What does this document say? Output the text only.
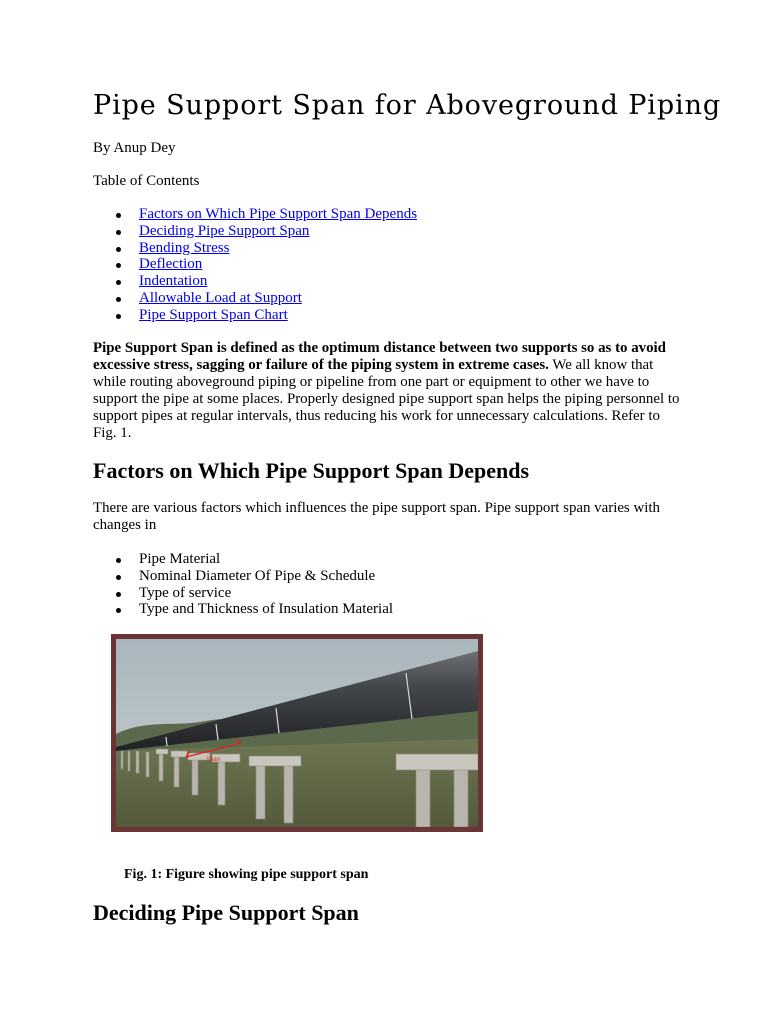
Pipe Support Span for Aboveground Piping

By Anup Dey

Table of Contents

Factors on Which Pipe Support Span Depends
Deciding Pipe Support Span
Bending Stress
Deflection
Indentation
Allowable Load at Support
Pipe Support Span Chart

Pipe Support Span is defined as the optimum distance between two supports so as to avoid excessive stress, sagging or failure of the piping system in extreme cases. We all know that while routing aboveground piping or pipeline from one part or equipment to other we have to support the pipe at some places. Properly designed pipe support span helps the piping personnel to support pipes at regular intervals, thus reducing his work for unnecessary calculations. Refer to Fig. 1.

Factors on Which Pipe Support Span Depends

There are various factors which influences the pipe support span. Pipe support span varies with changes in

Pipe Material
Nominal Diameter Of Pipe & Schedule
Type of service
Type and Thickness of Insulation Material
Span

Fig. 1: Figure showing pipe support span

Deciding Pipe Support Span
